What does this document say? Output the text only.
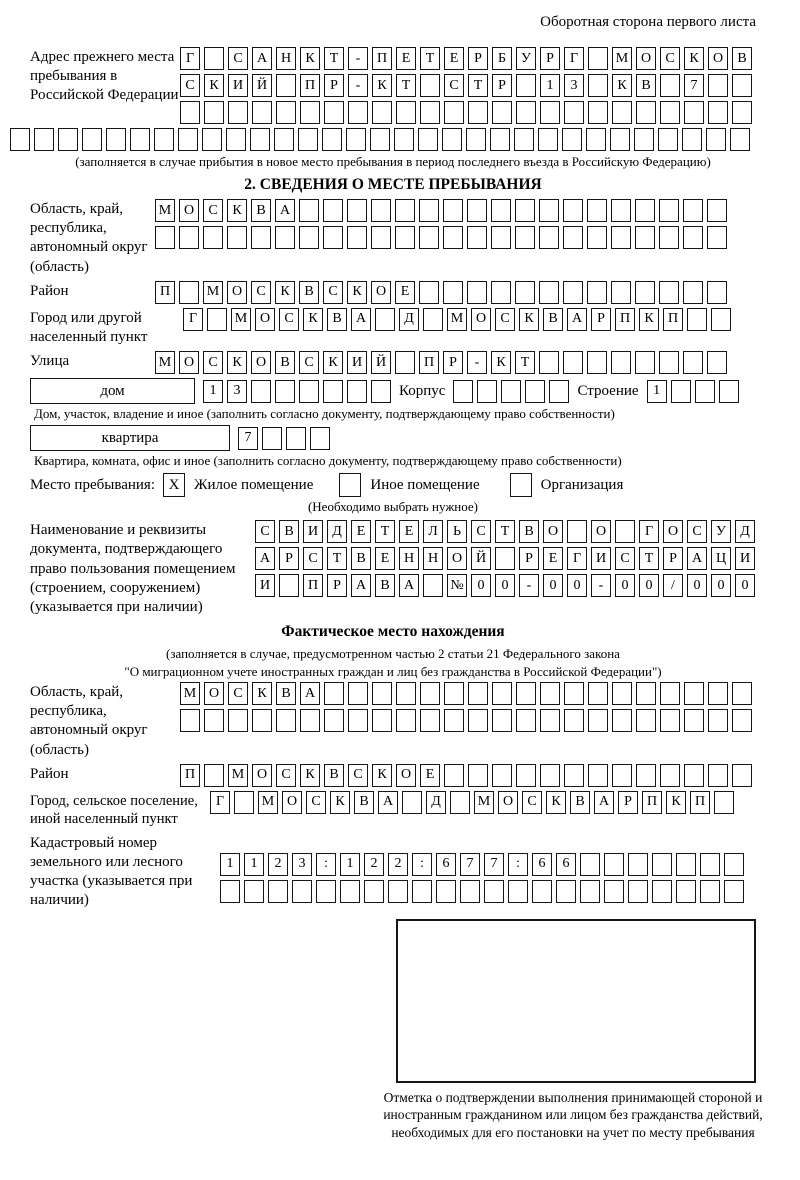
Оборотная сторона первого листа
Адрес прежнего места пребывания в Российской Федерации
Г	С	А Н	К	Т	-	П	Е	Т	Е	Р	Б	У	Р	Г	М О	С	К	О	В
С	К	И Й	П	Р	-	К	Т	С	Т	Р	1	3	К	В	7
(заполняется в случае прибытия в новое место пребывания в период последнего въезда в Российскую Федерацию)
2. СВЕДЕНИЯ О МЕСТЕ ПРЕБЫВАНИЯ
Область, край, республика, автономный округ (область)
М О	С	К	В	А
Район	П	М О	С	К	В	С	К	О	Е
Город или другой населенный пункт
Г	М О	С	К	В	А	Д	М О	С	К	В	А	Р	П	К	П
Улица	М О	С	К	О	В	С	К	И Й	П	Р	-	К	Т
дом	1	3	Корпус	Строение	1
Дом, участок, владение и иное (заполнить согласно документу, подтверждающему право собственности)
квартира	7
Квартира, комната, офис и иное (заполнить согласно документу, подтверждающему право собственности)
Место пребывания: X Жилое помещение	Иное помещение	Организация
(Необходимо выбрать нужное)
Наименование и реквизиты документа, подтверждающего право пользования помещением (строением, сооружением) (указывается при наличии)
С	В	И	Д	Е	Т	Е	Л	Ь	С	Т	В	О	О	Г	О	С	У	Д
А	Р	С	Т	В	Е	Н Н О Й	Р	Е	Г	И	С	Т	Р	А Ц И
И	П	Р	А	В	А	№ 0	0	-	0	0	-	0	0	/	0	0	0
Фактическое место нахождения
(заполняется в случае, предусмотренном частью 2 статьи 21 Федерального закона
"О миграционном учете иностранных граждан и лиц без гражданства в Российской Федерации")
Область, край, республика, автономный округ (область)
М О	С	К	В	А
Район	П	М О	С	К	В	С	К	О	Е
Город, сельское поселение, иной населенный пункт
Г	М О	С	К	В	А	Д	М О	С	К	В	А	Р	П	К	П
Кадастровый номер земельного или лесного участка (указывается при наличии)
1	1	2	3	:	1	2	2	:	6	7	7	:	6	6
Отметка о подтверждении выполнения принимающей стороной и иностранным гражданином или лицом без гражданства действий, необходимых для его постановки на учет по месту пребывания
